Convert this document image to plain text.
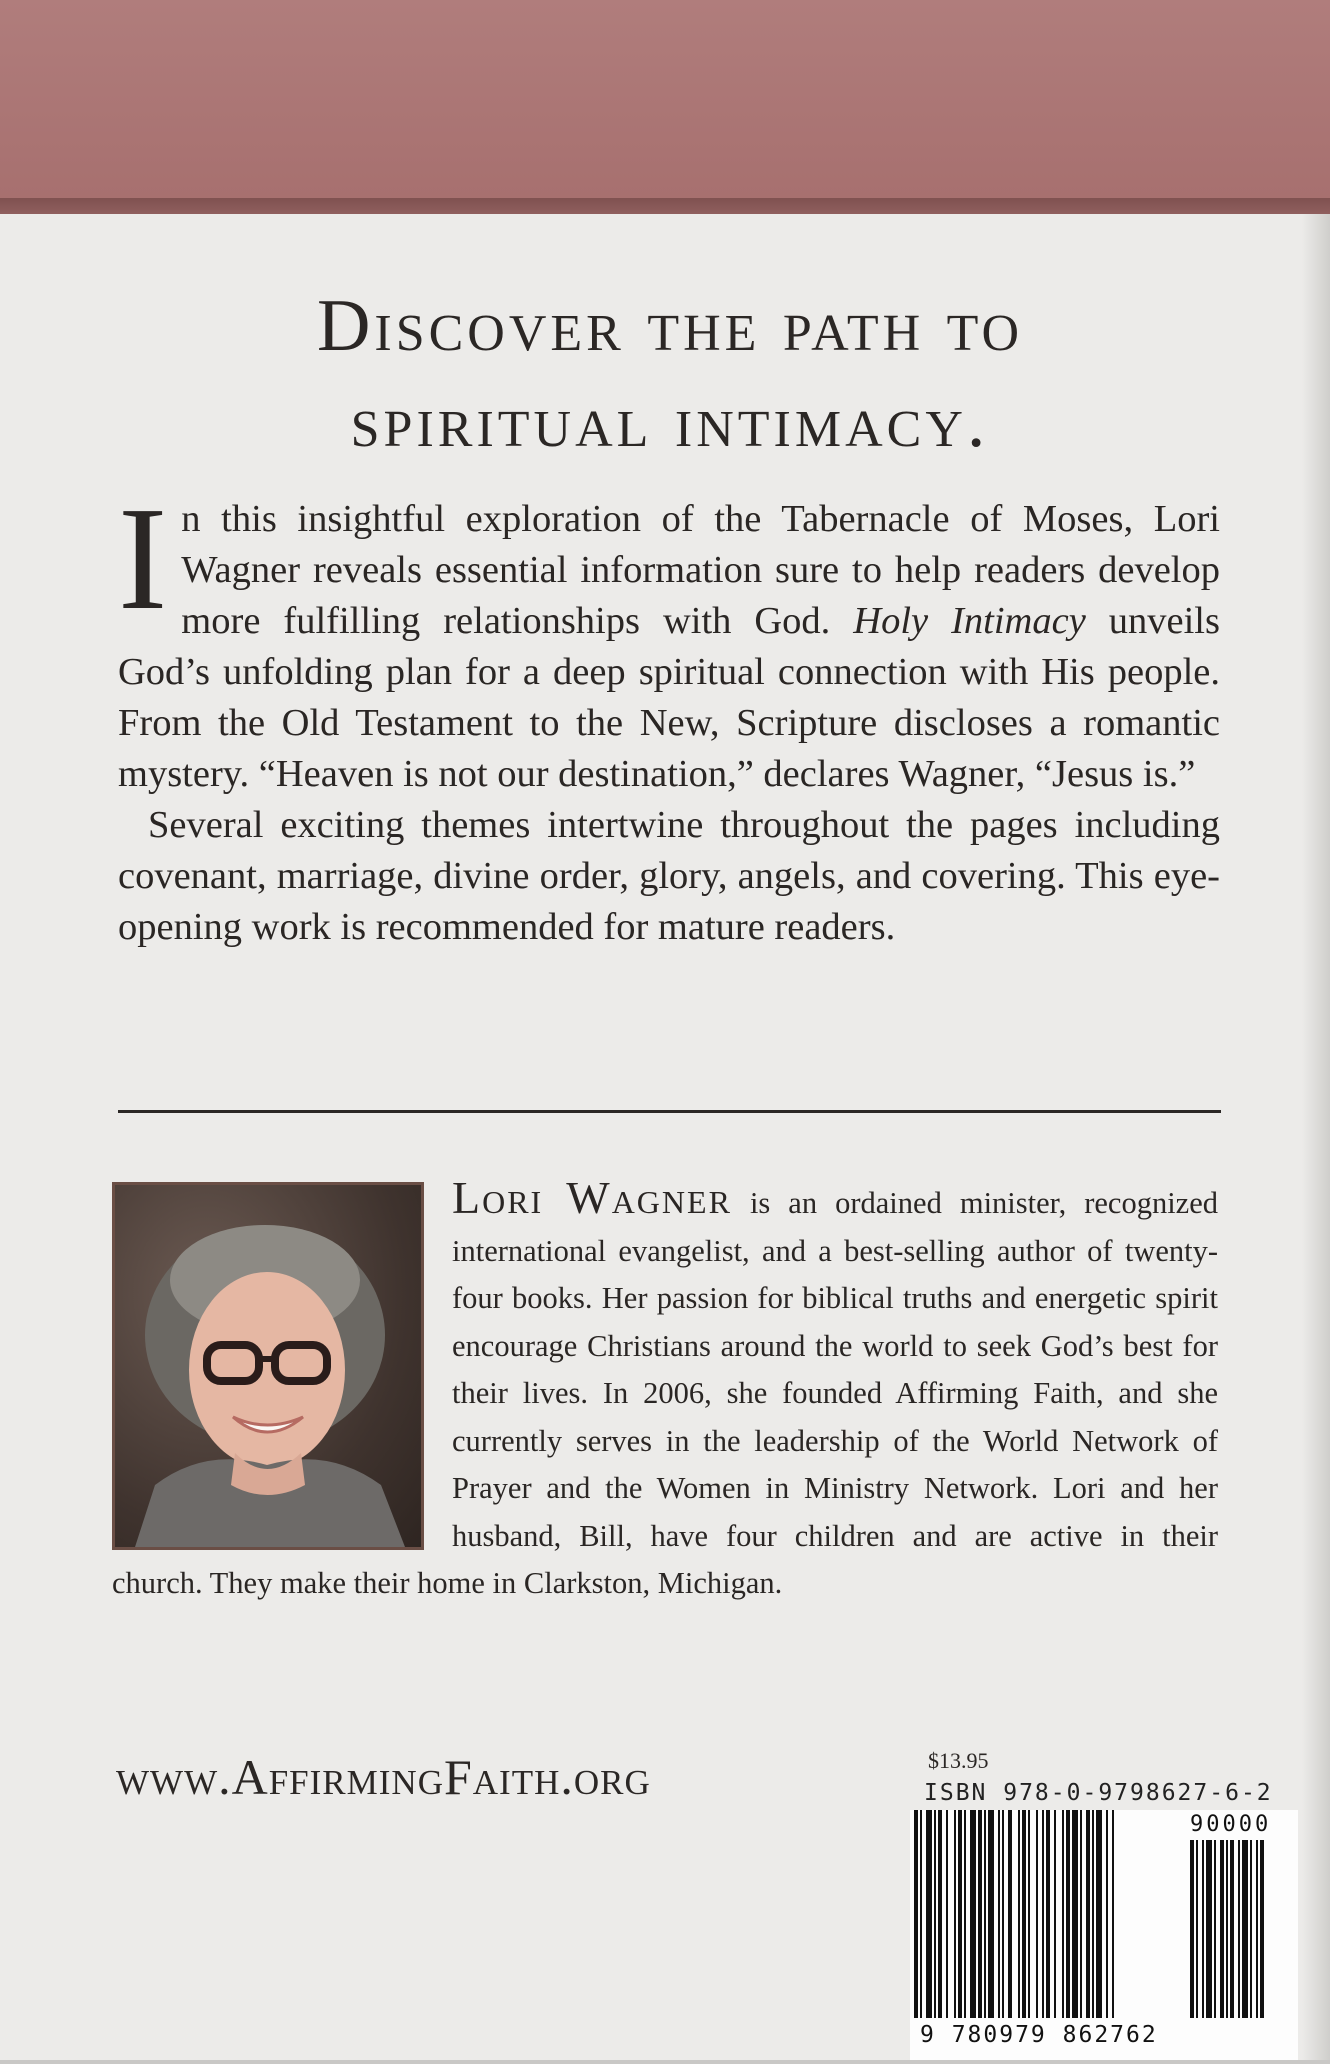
Discover the path to
spiritual intimacy.

In this insightful exploration of the Tabernacle of Moses, Lori Wagner reveals essential information sure to help readers develop more fulfilling relationships with God. Holy Intimacy unveils God’s unfolding plan for a deep spiritual connection with His people. From the Old Testament to the New, Scripture discloses a romantic mystery. “Heaven is not our destination,” declares Wagner, “Jesus is.”

Several exciting themes intertwine throughout the pages including covenant, marriage, divine order, glory, angels, and covering. This eye-opening work is recommended for mature readers.

Lori Wagner is an ordained minister, recognized international evangelist, and a best-selling author of twenty-four books. Her passion for biblical truths and energetic spirit encourage Christians around the world to seek God’s best for their lives. In 2006, she founded Affirming Faith, and she currently serves in the leadership of the World Network of Prayer and the Women in Ministry Network. Lori and her husband, Bill, have four children and are active in their church. They make their home in Clarkston, Michigan.

www.AffirmingFaith.org	$13.95
ISBN 978-0-9798627-6-2
90000
9 780979 862762
